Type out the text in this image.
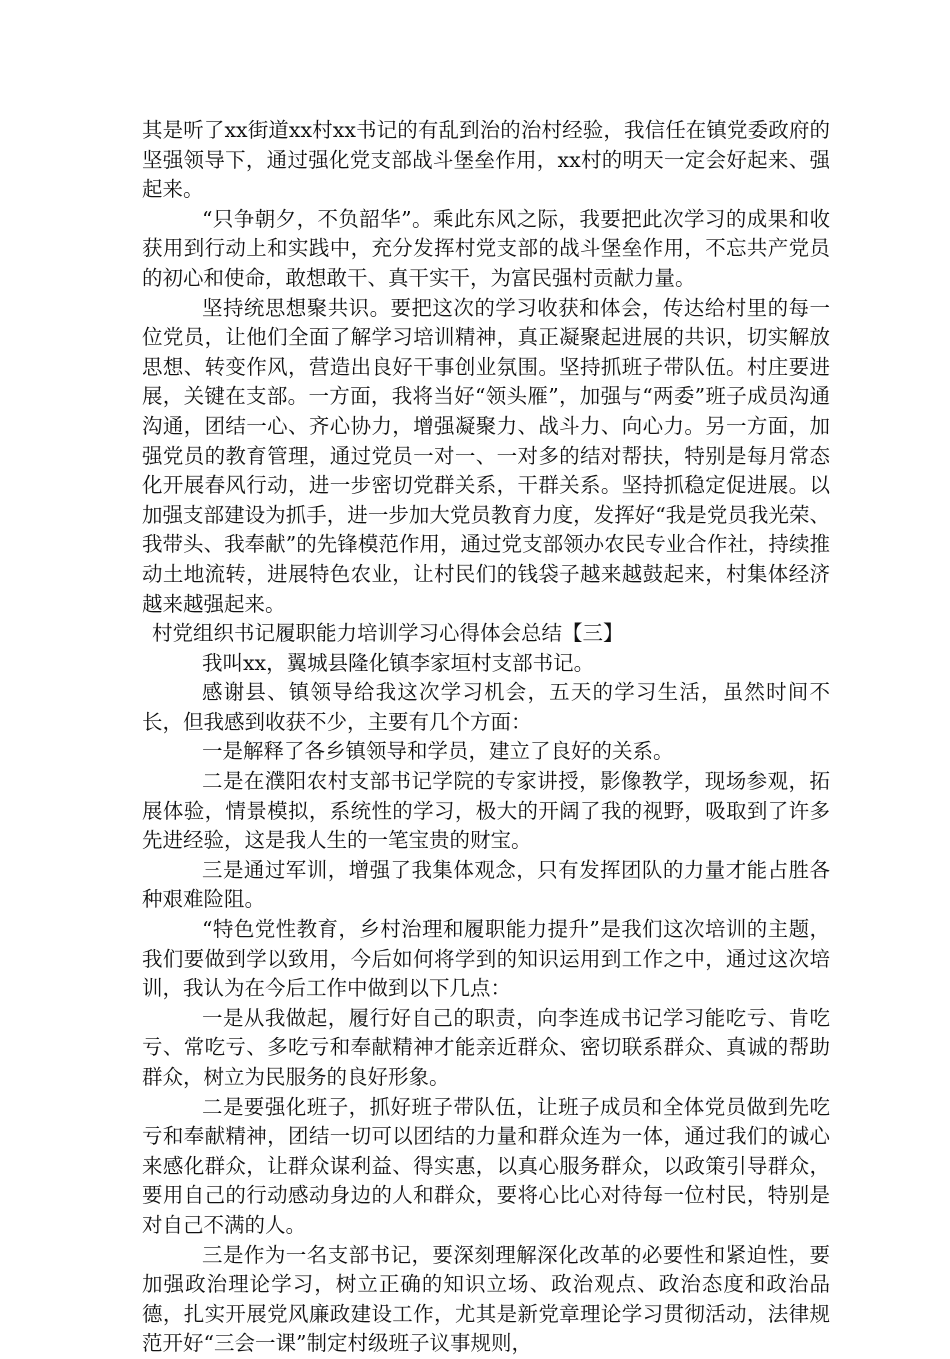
其是听了xx街道xx村xx书记的有乱到治的治村经验，我信任在镇党委政府的坚强领导下，通过强化党支部战斗堡垒作用，xx村的明天一定会好起来、强起来。

“只争朝夕，不负韶华”。乘此东风之际，我要把此次学习的成果和收获用到行动上和实践中，充分发挥村党支部的战斗堡垒作用，不忘共产党员的初心和使命，敢想敢干、真干实干，为富民强村贡献力量。

坚持统思想聚共识。要把这次的学习收获和体会，传达给村里的每一位党员，让他们全面了解学习培训精神，真正凝聚起进展的共识，切实解放思想、转变作风，营造出良好干事创业氛围。坚持抓班子带队伍。村庄要进展，关键在支部。一方面，我将当好“领头雁”，加强与“两委”班子成员沟通沟通，团结一心、齐心协力，增强凝聚力、战斗力、向心力。另一方面，加强党员的教育管理，通过党员一对一、一对多的结对帮扶，特别是每月常态化开展春风行动，进一步密切党群关系，干群关系。坚持抓稳定促进展。以加强支部建设为抓手，进一步加大党员教育力度，发挥好“我是党员我光荣、我带头、我奉献”的先锋模范作用，通过党支部领办农民专业合作社，持续推动土地流转，进展特色农业，让村民们的钱袋子越来越鼓起来，村集体经济越来越强起来。

村党组织书记履职能力培训学习心得体会总结【三】

我叫xx，翼城县隆化镇李家垣村支部书记。

感谢县、镇领导给我这次学习机会，五天的学习生活，虽然时间不长，但我感到收获不少，主要有几个方面：

一是解释了各乡镇领导和学员，建立了良好的关系。

二是在濮阳农村支部书记学院的专家讲授，影像教学，现场参观，拓展体验，情景模拟，系统性的学习，极大的开阔了我的视野，吸取到了许多先进经验，这是我人生的一笔宝贵的财宝。

三是通过军训，增强了我集体观念，只有发挥团队的力量才能占胜各种艰难险阻。

“特色党性教育，乡村治理和履职能力提升”是我们这次培训的主题，我们要做到学以致用，今后如何将学到的知识运用到工作之中，通过这次培训，我认为在今后工作中做到以下几点：

一是从我做起，履行好自己的职责，向李连成书记学习能吃亏、肯吃亏、常吃亏、多吃亏和奉献精神才能亲近群众、密切联系群众、真诚的帮助群众，树立为民服务的良好形象。

二是要强化班子，抓好班子带队伍，让班子成员和全体党员做到先吃亏和奉献精神，团结一切可以团结的力量和群众连为一体，通过我们的诚心来感化群众，让群众谋利益、得实惠，以真心服务群众，以政策引导群众，要用自己的行动感动身边的人和群众，要将心比心对待每一位村民，特别是对自己不满的人。

三是作为一名支部书记，要深刻理解深化改革的必要性和紧迫性，要加强政治理论学习，树立正确的知识立场、政治观点、政治态度和政治品德，扎实开展党风廉政建设工作，尤其是新党章理论学习贯彻活动，法律规范开好“三会一课”制定村级班子议事规则，
